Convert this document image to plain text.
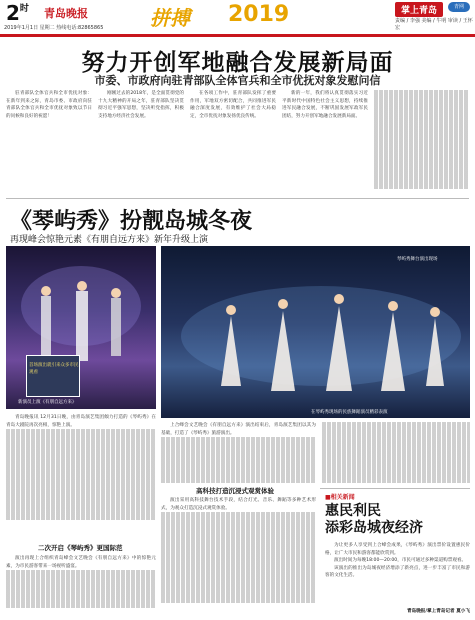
$2^时$ 青岛晚报
2019年1月1日 星期二 热线电话:82865865 拼搏 2019	掌上青岛	青网
责编 / 李强 美编 / 牛明 审读 / 王怀宏
努力开创军地融合发展新局面
市委、市政府向驻青部队全体官兵和全市优抚对象发慰问信

驻青部队全体官兵和全市优抚对象：在新年到来之际，青岛市委、市政府向驻青部队全体官兵和全市优抚对象致以节日的问候和良好的祝愿！

刚刚过去的2018年，是全面贯彻党的十九大精神的开局之年，驻青部队坚决贯彻习近平强军思想，坚决听党指挥，积极支持地方经济社会发展。

在各项工作中，驻青部队发挥了重要作用，军地双方密切配合，共同推进军民融合深度发展，有效维护了社会大局稳定，全市优抚对象发扬优良传统。

新的一年，我们将认真贯彻落实习近平新时代中国特色社会主义思想，持续推进军民融合发展，不断巩固发展军政军民团结，努力开创军地融合发展新局面。

《琴屿秀》扮靓岛城冬夜
再现峰会惊艳元素《有朋自远方来》新年升级上演
新演员上演《有朋自远方来》
首场演出就引来众多市民观看
琴屿秀舞台演出现场
在琴屿秀现场的民族舞蹈演员精彩表演

青岛晚报讯 12月31日晚，由青岛演艺集团倾力打造的《琴屿秀》在青岛大剧院再次亮相，惊艳上演。

二次开启《琴屿秀》更国际范

演出再现上合组织青岛峰会文艺晚会《有朋自远方来》中的惊艳元素，为市民游客带来一场视听盛宴。

上合峰会文艺晚会《有朋自远方来》演出结束后，青岛演艺集团以其为基础，打造了《琴屿秀》旅游演出。

高科技打造沉浸式观赏体验

演出采用高科技舞台技术手段，结合灯光、音乐、舞蹈等多种艺术形式，为观众打造沉浸式观赏体验。

■相关新闻
惠民利民
添彩岛城夜经济

为让更多人享受到上合峰会成果，《琴屿秀》演出票价设置惠民价格，让广大市民和游客都能欣赏到。

演出时间为每晚18:00—20:00，市民可通过多种渠道购票观看。

该演出的推出为岛城夜经济增添了新亮点，进一步丰富了市民和游客的文化生活。

青岛晚报/掌上青岛记者 夏小飞
